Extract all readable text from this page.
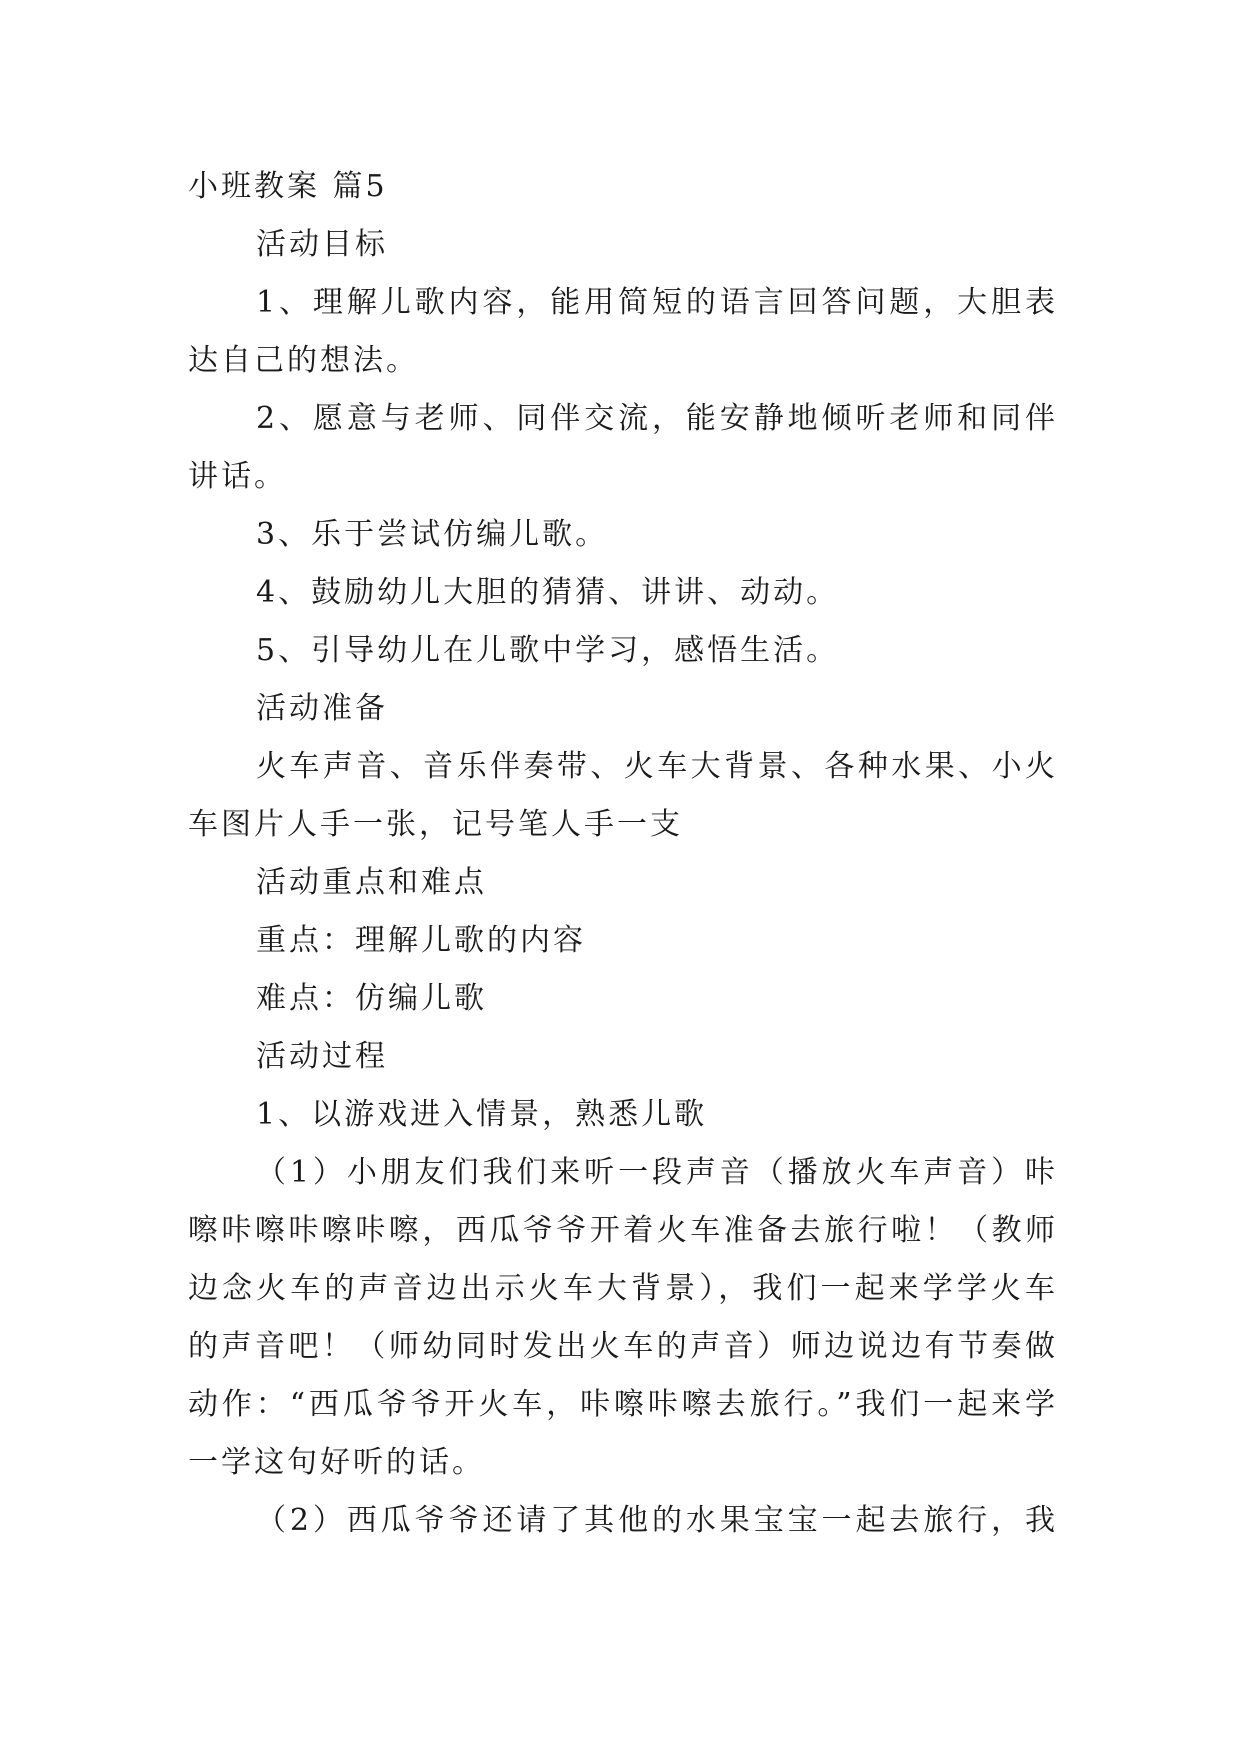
小班教案 篇5
活动目标
1、理解儿歌内容，能用简短的语言回答问题，大胆表
达自己的想法。
2、愿意与老师、同伴交流，能安静地倾听老师和同伴
讲话。
3、乐于尝试仿编儿歌。
4、鼓励幼儿大胆的猜猜、讲讲、动动。
5、引导幼儿在儿歌中学习，感悟生活。
活动准备
火车声音、音乐伴奏带、火车大背景、各种水果、小火
车图片人手一张，记号笔人手一支
活动重点和难点
重点：理解儿歌的内容
难点：仿编儿歌
活动过程
1、以游戏进入情景，熟悉儿歌
（1）小朋友们我们来听一段声音（播放火车声音）咔
嚓咔嚓咔嚓咔嚓，西瓜爷爷开着火车准备去旅行啦！（教师
边念火车的声音边出示火车大背景），我们一起来学学火车
的声音吧！（师幼同时发出火车的声音）师边说边有节奏做
动作：“西瓜爷爷开火车，咔嚓咔嚓去旅行。”我们一起来学
一学这句好听的话。
（2）西瓜爷爷还请了其他的水果宝宝一起去旅行，我
